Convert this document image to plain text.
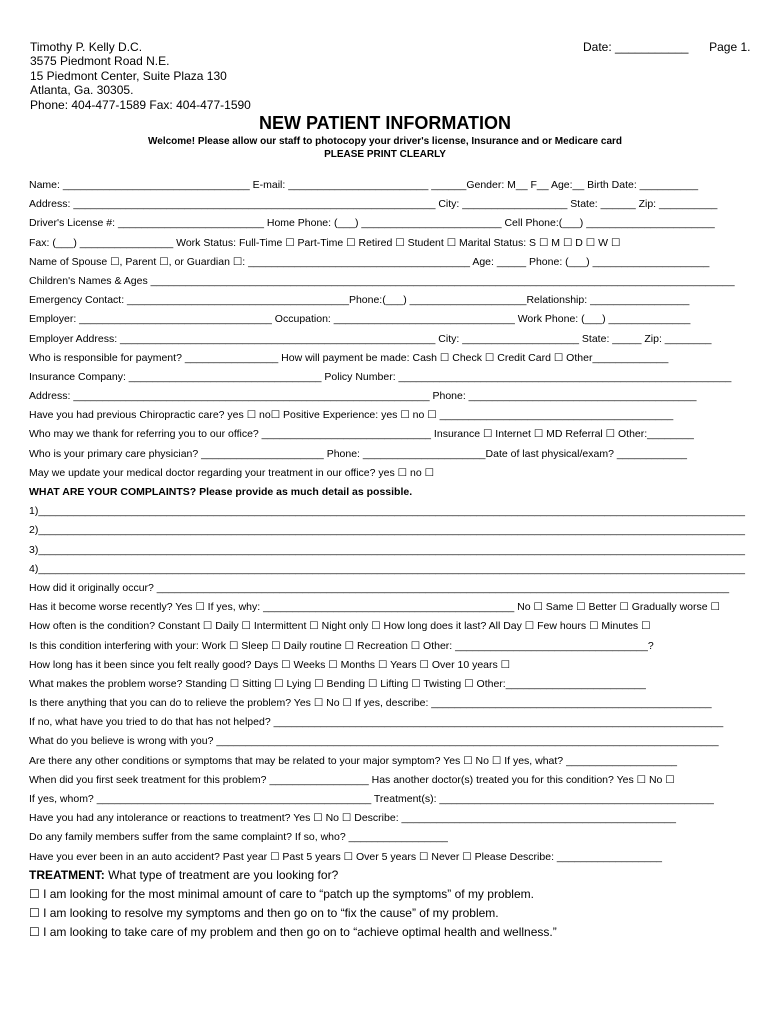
Timothy P. Kelly D.C.
3575 Piedmont Road N.E.
15 Piedmont Center, Suite Plaza 130
Atlanta, Ga. 30305.
Phone: 404-477-1589 Fax: 404-477-1590
Date: ___________ Page 1.
NEW PATIENT INFORMATION
Welcome! Please allow our staff to photocopy your driver's license, Insurance and or Medicare card
PLEASE PRINT CLEARLY
Name: ________________________________ E-mail: ________________________ ______Gender: M__ F__ Age:__ Birth Date: __________
Address: ______________________________________________________________ City: __________________ State: ______ Zip: __________
Driver's License #: _________________________ Home Phone: (___) ________________________ Cell Phone:(___) ______________________
Fax: (___) ________________ Work Status: Full-Time ☐ Part-Time ☐ Retired ☐ Student ☐ Marital Status: S ☐ M ☐ D ☐ W ☐
Name of Spouse ☐, Parent ☐, or Guardian ☐: ______________________________________ Age: _____ Phone: (___) ____________________
Children's Names & Ages ____________________________________________________________________________________________________
Emergency Contact: ______________________________________Phone:(___) ____________________Relationship: _________________
Employer: _________________________________ Occupation: _______________________________ Work Phone: (___) ______________
Employer Address: ______________________________________________________ City: ____________________ State: _____ Zip: ________
Who is responsible for payment? ________________ How will payment be made: Cash ☐ Check ☐ Credit Card ☐ Other_____________
Insurance Company: _________________________________ Policy Number: _________________________________________________________
Address: _____________________________________________________________ Phone: _______________________________________
Have you had previous Chiropractic care? yes ☐ no☐ Positive Experience: yes ☐ no ☐ ________________________________________
Who may we thank for referring you to our office? _____________________________ Insurance ☐ Internet ☐ MD Referral ☐ Other:________
Who is your primary care physician? _____________________ Phone: _____________________Date of last physical/exam? ____________
May we update your medical doctor regarding your treatment in our office? yes ☐ no ☐
WHAT ARE YOUR COMPLAINTS? Please provide as much detail as possible.
1)_________________________________________________________________________________________________________________________
2)_________________________________________________________________________________________________________________________
3)_________________________________________________________________________________________________________________________
4)_________________________________________________________________________________________________________________________
How did it originally occur? __________________________________________________________________________________________________
Has it become worse recently? Yes ☐ If yes, why: ___________________________________________ No ☐ Same ☐ Better ☐ Gradually worse ☐
How often is the condition? Constant ☐ Daily ☐ Intermittent ☐ Night only ☐ How long does it last? All Day ☐ Few hours ☐ Minutes ☐
Is this condition interfering with your: Work ☐ Sleep ☐ Daily routine ☐ Recreation ☐ Other: _________________________________?
How long has it been since you felt really good? Days ☐ Weeks ☐ Months ☐ Years ☐ Over 10 years ☐
What makes the problem worse? Standing ☐ Sitting ☐ Lying ☐ Bending ☐ Lifting ☐ Twisting ☐ Other:________________________
Is there anything that you can do to relieve the problem? Yes ☐ No ☐ If yes, describe: ________________________________________________
If no, what have you tried to do that has not helped? _____________________________________________________________________________
What do you believe is wrong with you? ______________________________________________________________________________________
Are there any other conditions or symptoms that may be related to your major symptom? Yes ☐ No ☐ If yes, what? ___________________
When did you first seek treatment for this problem? _________________ Has another doctor(s) treated you for this condition? Yes ☐ No ☐
If yes, whom? _______________________________________________ Treatment(s): _______________________________________________
Have you had any intolerance or reactions to treatment? Yes ☐ No ☐ Describe: _______________________________________________
Do any family members suffer from the same complaint? If so, who? _________________
Have you ever been in an auto accident? Past year ☐ Past 5 years ☐ Over 5 years ☐ Never ☐ Please Describe: __________________
TREATMENT: What type of treatment are you looking for?
☐ I am looking for the most minimal amount of care to “patch up the symptoms” of my problem.
☐ I am looking to resolve my symptoms and then go on to “fix the cause” of my problem.
☐ I am looking to take care of my problem and then go on to “achieve optimal health and wellness.”
